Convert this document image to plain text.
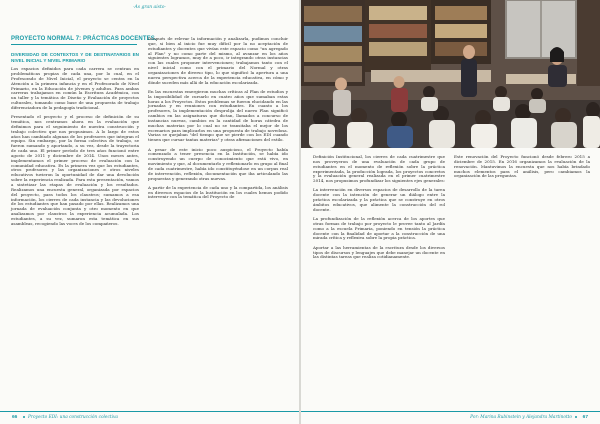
-As gran aisto-
PROYECTO NORMAL 7: PRÁCTICAS DOCENTES.
DIVERSIDAD DE CONTEXTOS Y DE DESTINATARIOS EN NIVEL INICIAL Y NIVEL PRIMARIO

Los espacios definidos para cada carrera se centran en problemáticas propias de cada una, por lo cual, en el Profesorado de Nivel Inicial, el proyecto se centra en la Atención a la primera infancia y en el Profesorado de Nivel Primario, en la Educación de jóvenes y adultos. Para ambas carreras trabajamos en común la Escritura Académica, con un taller y la temática de Diseño y Evaluación de proyectos culturales, tomando como base de una propuesta de trabajo diferenciadora de la pedagogía tradicional.

Presentado el proyecto y el proceso de definición de su temática, nos centramos ahora en la evaluación que definimos para el seguimiento de nuestra construcción y trabajo colectivo que nos propusimos. A lo largo de estos años han cambiado algunas de los profesores que integran el equipo. Sin embargo, por la forma colectiva de trabajo, se fueron sumando y aportando, a su vez, desde la trayectoria de cada uno. El primer período de tres años funcionó entre agosto de 2011 y diciembre de 2014. Unos meses antes, implementamos el primer proceso de evaluación con la comunidad educativa. Es la primera vez que los estudiantes, otros profesores y las organizaciones e otros niveles educativos tuvieron la oportunidad de dar una devolución sobre la experiencia realizada. Para esta presentación, vamos a sintetizar las etapas de evaluación y los resultados. Realizamos una encuesta general, organizada por espacios del proyecto, para todos los claustros; sumamos a esa información, los cierres de cada instancia y las devoluciones de los estudiantes que han pasado por ellas. Realizamos una jornada de evaluación conjunta y otro momento en que analizamos por claustros la experiencia acumulada. Los estudiantes, a su vez, sumaron esta temática en sus asambleas, recogiendo las voces de los compañeros.

Después de relevar la información y analizarla, pudimos concluir que, si bien al inicio fue muy difícil por la no aceptación de estudiantes y docentes que vivían este espacio como "un agregado al Plan" y no como parte del mismo, al avanzar en los años siguientes logramos, muy de a poco, ir integrando otras instancias con las cuales proponer intervenciones; trabajamos tanto con el nivel inicial como con el primario del Normal y otras organizaciones de diverso tipo, lo que significó la apertura a una nueva perspectiva acerca de la experiencia educativa, en cómo y dónde suceden más allá de la educación escolarizada.

En las encuestas emergieron muchas críticas al Plan de estudios y la imposibilidad de cursarlo en cuatro años que sumaban estas horas a los Proyectos. Estos problemas se fueron elucidando en las jornadas y en reuniones con estudiantes. En cuanto a los profesores, la implementación desprolija del nuevo Plan significó cambios en las asignaturas que dictan, llamados a concurso de instancias nuevas, cambios en la cantidad de horas cátedra de muchas materias por lo cual no se transitaba el mejor de los escenarios para implicarlos en una propuesta de trabajo novedosa. Varias se quejaban "del tiempo que se pierde con los EDI cuando tienen que cursar tantas materias" y otras afirmaciones del estilo.

A pesar de este inicio poco auspicioso, el Proyecto había comenzado a tener presencia en la Institución, se había ido construyendo un cuerpo de conocimiento que está vivo, en movimiento y que, al documentarlo y reflexionarlo en grupo al final de cada cuatrimestre, había ido constituyéndose en un corpus real de intervención, reflexión, documentación que iba articulando las propuestas y generando otras nuevas.

A partir de la experiencia de cada uno y la compartida, los análisis en diversos espacios de la Institución en los cuales hemos podido intervenir con la temática del Proyecto de

66 Proyecto EDI: una construcción colectiva

Definición Institucional, los cierres de cada cuatrimestre que nos proveyeron de una evaluación de cada grupo de estudiantes en el momento de reflexión sobre la práctica experimentada, la producción lograda, los proyectos concretos y la evaluación general realizada en el primer cuatrimestre 2014, nos propusimos profundizar los siguientes ejes generales:

La intervención en diversos espacios de desarrollo de la tarea docente con la intención de generar un diálogo entre la práctica escolarizada y la práctica que se construye en otros ámbitos educativos, que alimente la construcción del rol docente.

La profundización de la reflexión acerca de los aportes que otras formas de trabajo por proyecto le provee tanto al Jardín como a la escuela Primaria, poniendo en tensión la práctica docente con la finalidad de aportar a la construcción de una mirada crítica y reflexiva sobre la propia práctica.

Aportar a las herramientas de la escritura desde los diversos tipos de discursos y lenguajes que debe manejar un docente en las distintas tareas que realiza cotidianamente.

Este renovación del Proyecto funcionó desde febrero 2015 a diciembre de 2015. En 2016 organizamos la evaluación de la renovación. Mantuvimos la encuesta que nos había brindado muchos elementos para el análisis, pero cambiamos la organización de las preguntas.

Por: Marina Rubinstein y Alejandra Martinotto 67
